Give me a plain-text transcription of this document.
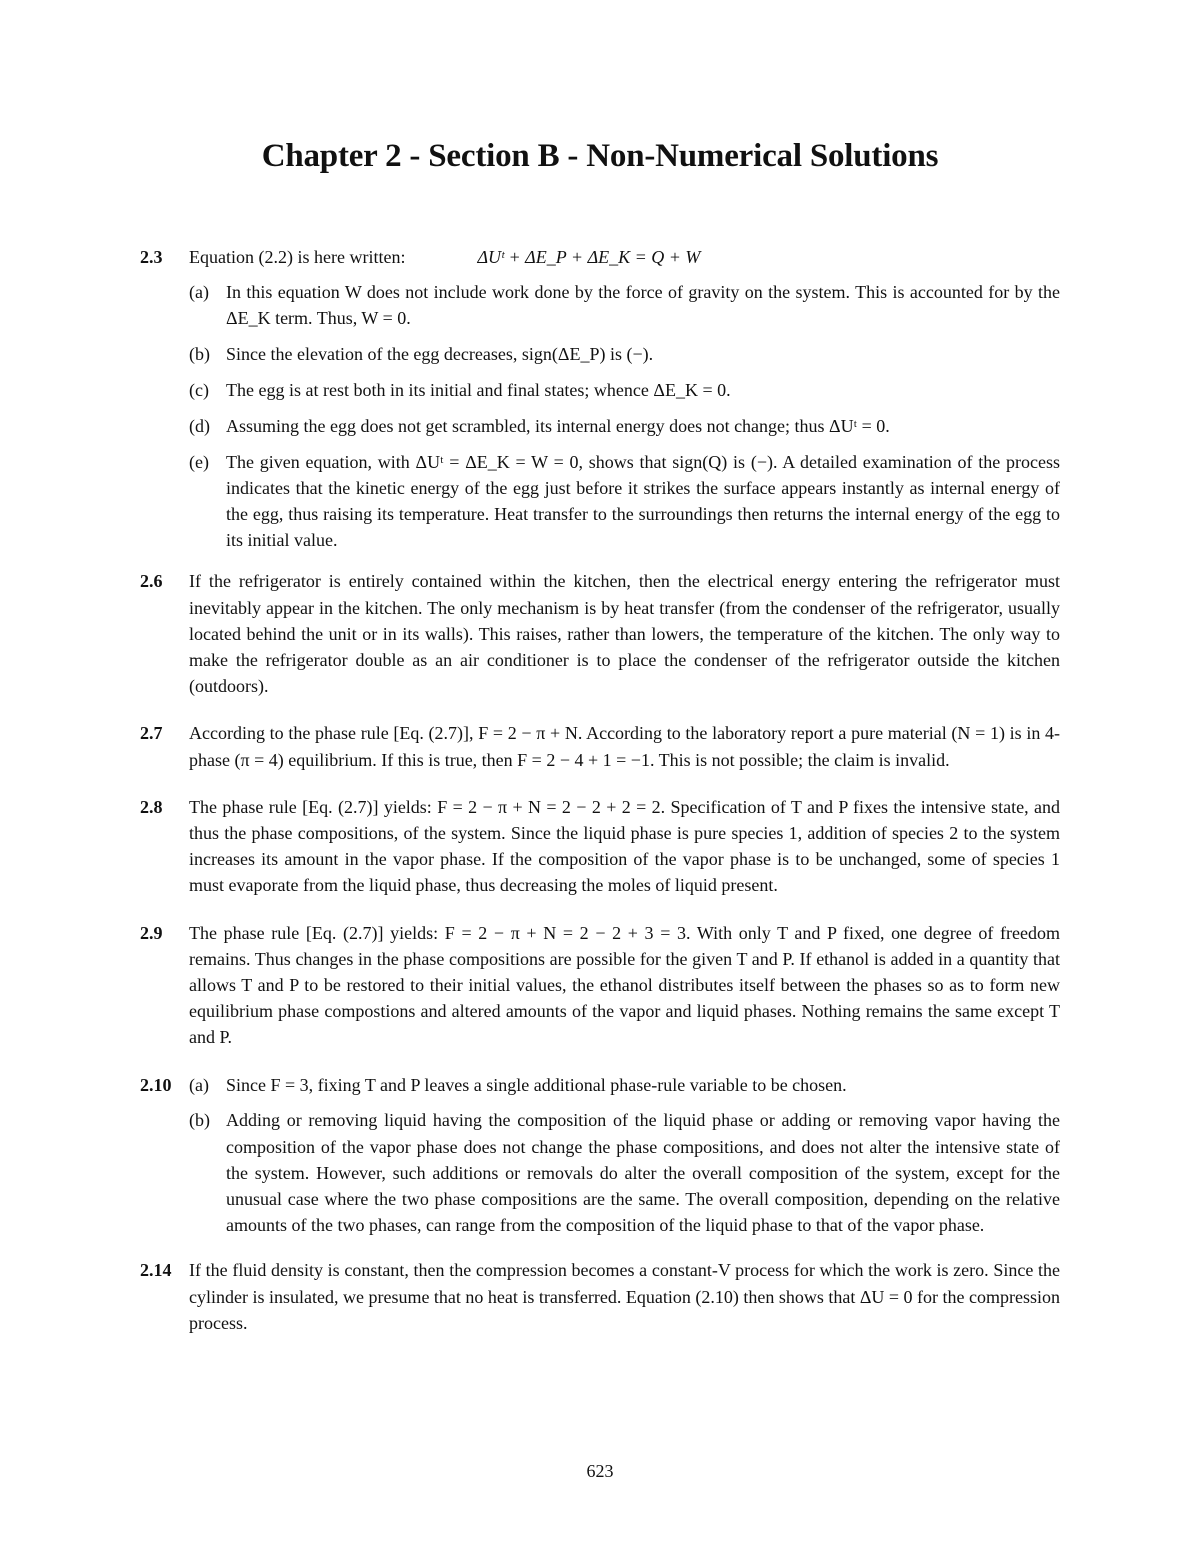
Chapter 2 - Section B - Non-Numerical Solutions
2.3	Equation (2.2) is here written:	ΔUᵗ + ΔE_P + ΔE_K = Q + W
(a) In this equation W does not include work done by the force of gravity on the system. This is accounted for by the ΔE_K term. Thus, W = 0.
(b) Since the elevation of the egg decreases, sign(ΔE_P) is (−).
(c) The egg is at rest both in its initial and final states; whence ΔE_K = 0.
(d) Assuming the egg does not get scrambled, its internal energy does not change; thus ΔUᵗ = 0.
(e) The given equation, with ΔUᵗ = ΔE_K = W = 0, shows that sign(Q) is (−). A detailed examination of the process indicates that the kinetic energy of the egg just before it strikes the surface appears instantly as internal energy of the egg, thus raising its temperature. Heat transfer to the surroundings then returns the internal energy of the egg to its initial value.
2.6	If the refrigerator is entirely contained within the kitchen, then the electrical energy entering the refrigerator must inevitably appear in the kitchen. The only mechanism is by heat transfer (from the condenser of the refrigerator, usually located behind the unit or in its walls). This raises, rather than lowers, the temperature of the kitchen. The only way to make the refrigerator double as an air conditioner is to place the condenser of the refrigerator outside the kitchen (outdoors).
2.7	According to the phase rule [Eq. (2.7)], F = 2 − π + N. According to the laboratory report a pure material (N = 1) is in 4-phase (π = 4) equilibrium. If this is true, then F = 2 − 4 + 1 = −1. This is not possible; the claim is invalid.
2.8	The phase rule [Eq. (2.7)] yields: F = 2 − π + N = 2 − 2 + 2 = 2. Specification of T and P fixes the intensive state, and thus the phase compositions, of the system. Since the liquid phase is pure species 1, addition of species 2 to the system increases its amount in the vapor phase. If the composition of the vapor phase is to be unchanged, some of species 1 must evaporate from the liquid phase, thus decreasing the moles of liquid present.
2.9	The phase rule [Eq. (2.7)] yields: F = 2 − π + N = 2 − 2 + 3 = 3. With only T and P fixed, one degree of freedom remains. Thus changes in the phase compositions are possible for the given T and P. If ethanol is added in a quantity that allows T and P to be restored to their initial values, the ethanol distributes itself between the phases so as to form new equilibrium phase compostions and altered amounts of the vapor and liquid phases. Nothing remains the same except T and P.
2.10 (a) Since F = 3, fixing T and P leaves a single additional phase-rule variable to be chosen.
(b) Adding or removing liquid having the composition of the liquid phase or adding or removing vapor having the composition of the vapor phase does not change the phase compositions, and does not alter the intensive state of the system. However, such additions or removals do alter the overall composition of the system, except for the unusual case where the two phase compositions are the same. The overall composition, depending on the relative amounts of the two phases, can range from the composition of the liquid phase to that of the vapor phase.
2.14 If the fluid density is constant, then the compression becomes a constant-V process for which the work is zero. Since the cylinder is insulated, we presume that no heat is transferred. Equation (2.10) then shows that ΔU = 0 for the compression process.
623
